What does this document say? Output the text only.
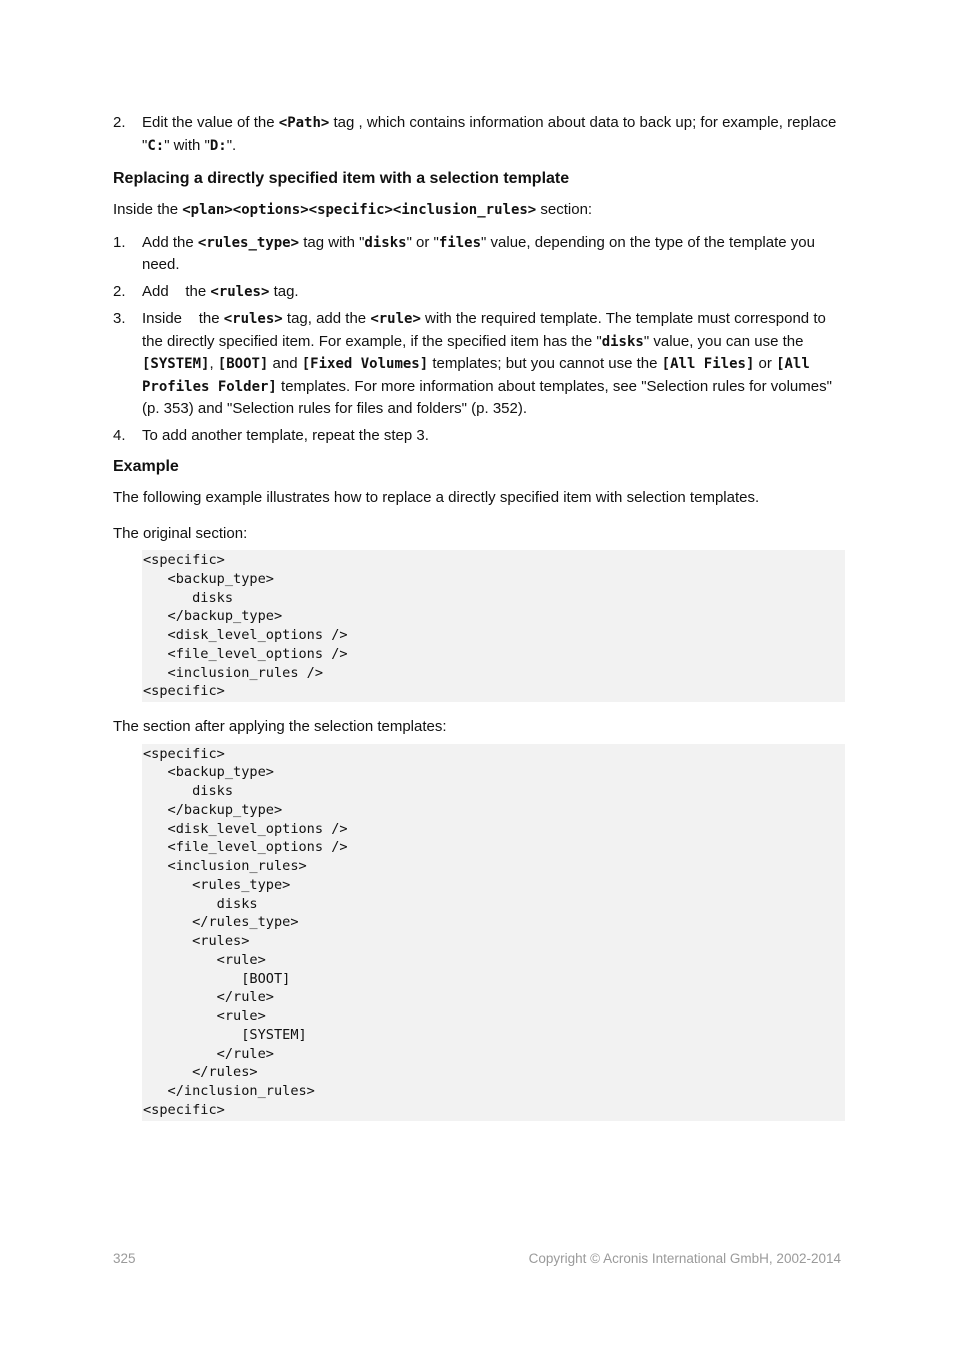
2.	Edit the value of the <Path> tag , which contains information about data to back up; for example, replace "C:" with "D:".
Replacing a directly specified item with a selection template
Inside the <plan><options><specific><inclusion_rules> section:
1.	Add the <rules_type> tag with "disks" or "files" value, depending on the type of the template you need.
2.	Add    the <rules> tag.
3.	Inside    the <rules> tag, add the <rule> with the required template. The template must correspond to the directly specified item. For example, if the specified item has the "disks" value, you can use the [SYSTEM], [BOOT] and [Fixed Volumes] templates; but you cannot use the [All Files] or [All Profiles Folder] templates. For more information about templates, see "Selection rules for volumes" (p. 353) and "Selection rules for files and folders" (p. 352).
4.	To add another template, repeat the step 3.
Example
The following example illustrates how to replace a directly specified item with selection templates.
The original section:
<specific>
<backup_type>
disks
</backup_type>
<disk_level_options />
<file_level_options />
<inclusion_rules />
<specific>
The section after applying the selection templates:
<specific>
<backup_type>
disks
</backup_type>
<disk_level_options />
<file_level_options />
<inclusion_rules>
<rules_type>
disks
</rules_type>
<rules>
<rule>
[BOOT]
</rule>
<rule>
[SYSTEM]
</rule>
</rules>
</inclusion_rules>
<specific>
325	Copyright © Acronis International GmbH, 2002-2014
